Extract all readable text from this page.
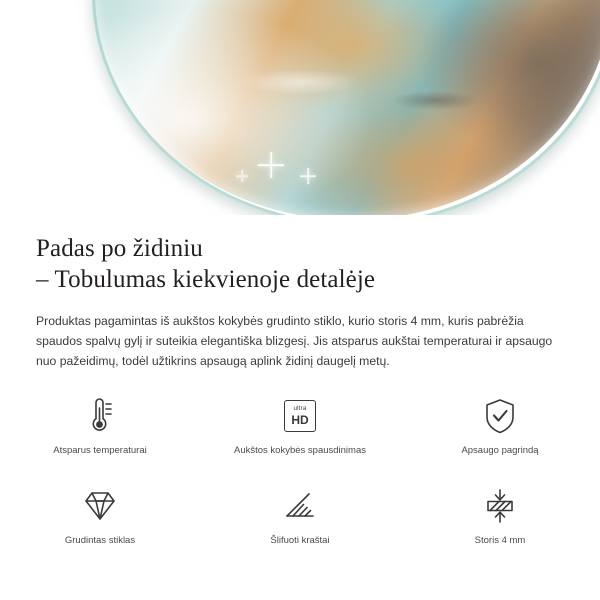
Padas po židiniu
– Tobulumas kiekvienoje detalėje

Produktas pagamintas iš aukštos kokybės grudinto stiklo, kurio storis 4 mm, kuris pabrėžia spaudos spalvų gylį ir suteikia elegantiška blizgesį. Jis atsparus aukštai temperaturai ir apsaugo nuo pažeidimų, todėl užtikrins apsaugą aplink židinį daugelį metų.

Atsparus temperaturai
ultra
HD
Aukštos kokybės spausdinimas	Apsaugo pagrindą
Grudintas stiklas	Šlifuoti kraštai	Storis 4 mm
